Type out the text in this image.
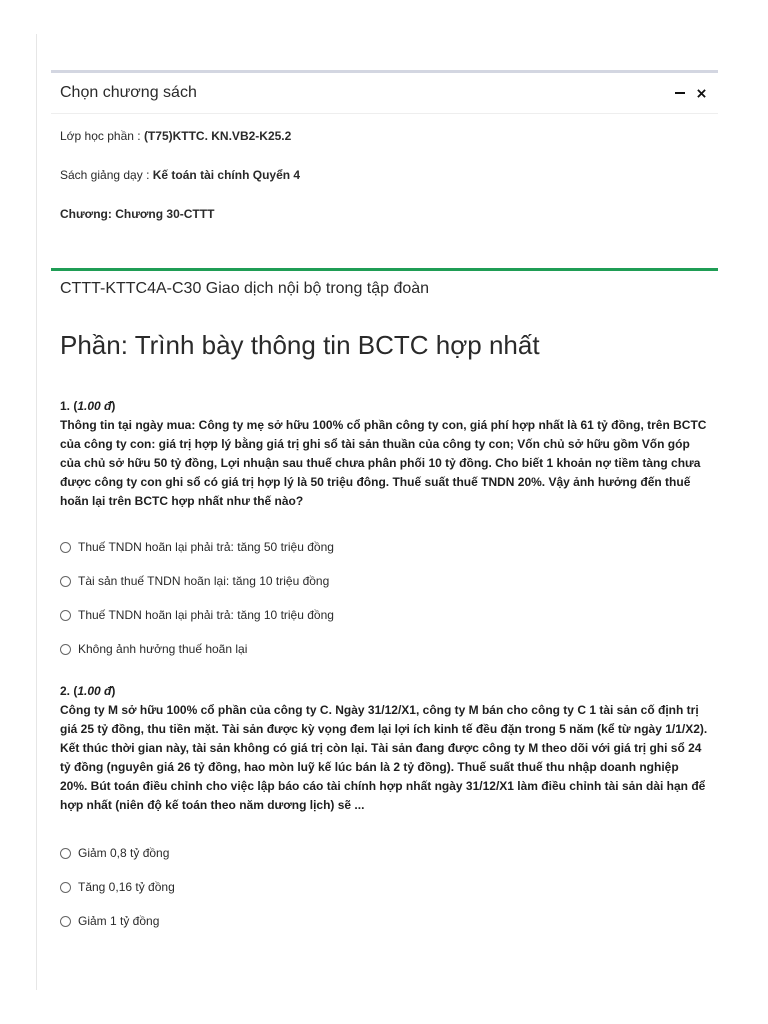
Chọn chương sách
Lớp học phần : (T75)KTTC. KN.VB2-K25.2
Sách giảng dạy : Kế toán tài chính Quyển 4
Chương: Chương 30-CTTT
CTTT-KTTC4A-C30 Giao dịch nội bộ trong tập đoàn
Phần: Trình bày thông tin BCTC hợp nhất
1. (1.00 đ)
Thông tin tại ngày mua: Công ty mẹ sở hữu 100% cổ phần công ty con, giá phí hợp nhất là 61 tỷ đồng, trên BCTC của công ty con: giá trị hợp lý bằng giá trị ghi sổ tài sản thuần của công ty con; Vốn chủ sở hữu gồm Vốn góp của chủ sở hữu 50 tỷ đồng, Lợi nhuận sau thuế chưa phân phối 10 tỷ đồng. Cho biết 1 khoản nợ tiềm tàng chưa được công ty con ghi sổ có giá trị hợp lý là 50 triệu đông. Thuế suất thuế TNDN 20%. Vậy ảnh hưởng đến thuế hoãn lại trên BCTC hợp nhất như thế nào?
Thuế TNDN hoãn lại phải trả: tăng 50 triệu đồng
Tài sản thuế TNDN hoãn lại: tăng 10 triệu đồng
Thuế TNDN hoãn lại phải trả: tăng 10 triệu đồng
Không ảnh hưởng thuế hoãn lại
2. (1.00 đ)
Công ty M sở hữu 100% cổ phần của công ty C. Ngày 31/12/X1, công ty M bán cho công ty C 1 tài sản cố định trị giá 25 tỷ đồng, thu tiền mặt. Tài sản được kỳ vọng đem lại lợi ích kinh tế đều đặn trong 5 năm (kể từ ngày 1/1/X2). Kết thúc thời gian này, tài sản không có giá trị còn lại. Tài sản đang được công ty M theo dõi với giá trị ghi sổ 24 tỷ đồng (nguyên giá 26 tỷ đồng, hao mòn luỹ kế lúc bán là 2 tỷ đồng). Thuế suất thuế thu nhập doanh nghiệp 20%. Bút toán điều chỉnh cho việc lập báo cáo tài chính hợp nhất ngày 31/12/X1 làm điều chỉnh tài sản dài hạn để hợp nhất (niên độ kế toán theo năm dương lịch) sẽ ...
Giảm 0,8 tỷ đồng
Tăng 0,16 tỷ đồng
Giảm 1 tỷ đồng
